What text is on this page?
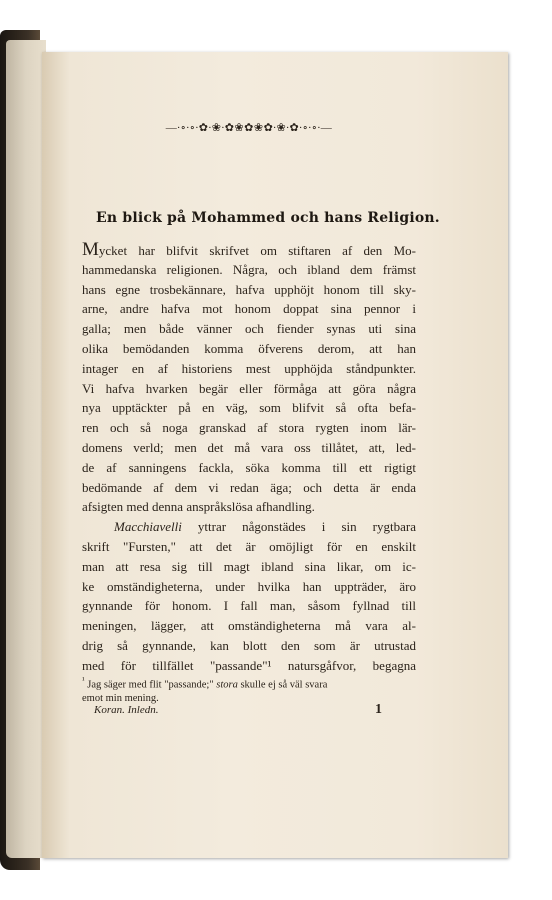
—∙∘∙∘∙✿∙❀∙✿❀✿❀✿∙❀∙✿∙∘∙∘∙—
En blick på Mohammed och hans Religion.
Mycket har blifvit skrifvet om stiftaren af den Mo-
hammedanska religionen. Några, och ibland dem främst
hans egne trosbekännare, hafva upphöjt honom till sky-
arne, andre hafva mot honom doppat sina pennor i
galla; men både vänner och fiender synas uti sina
olika bemödanden komma öfverens derom, att han
intager en af historiens mest upphöjda ståndpunkter.
Vi hafva hvarken begär eller förmåga att göra några
nya upptäckter på en väg, som blifvit så ofta befa-
ren och så noga granskad af stora rygten inom lär-
domens verld; men det må vara oss tillåtet, att, led-
de af sanningens fackla, söka komma till ett rigtigt
bedömande af dem vi redan äga; och detta är enda
afsigten med denna anspråkslösa afhandling.
Macchiavelli yttrar någonstädes i sin rygtbara
skrift "Fursten," att det är omöjligt för en enskilt
man att resa sig till magt ibland sina likar, om ic-
ke omständigheterna, under hvilka han uppträder, äro
gynnande för honom. I fall man, såsom fyllnad till
meningen, lägger, att omständigheterna må vara al-
drig så gynnande, kan blott den som är utrustad
med för tillfället "passande"¹ natursgåfvor, begagna
$^{^1}$ Jag säger med flit "passande;" stora skulle ej så väl svara
emot min mening.
Koran. Inledn.	1
